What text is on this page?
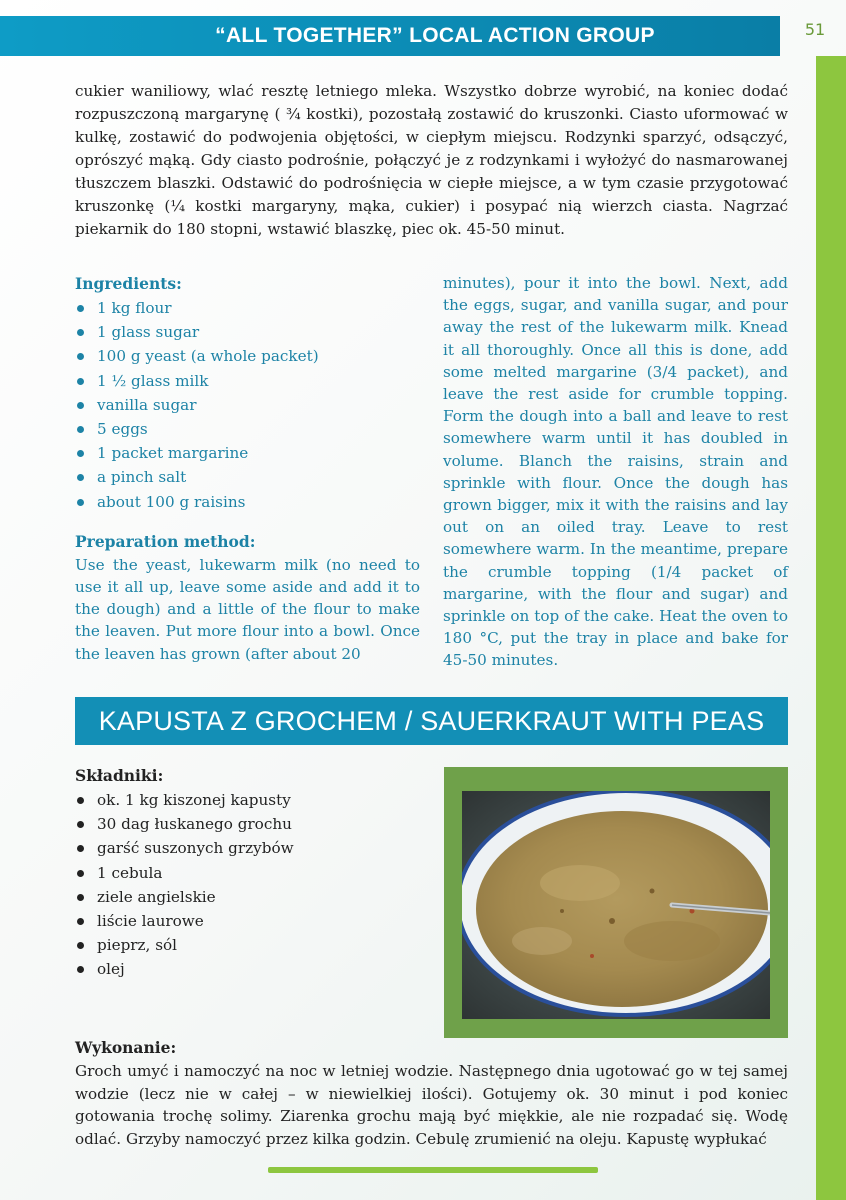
“ALL TOGETHER” LOCAL ACTION GROUP	51

cukier waniliowy, wlać resztę letniego mleka. Wszystko dobrze wyrobić, na koniec dodać rozpuszczoną margarynę ( ¾ kostki), pozostałą zostawić do kruszonki. Ciasto uformować w kulkę, zostawić do podwojenia objętości, w ciepłym miejscu. Rodzynki sparzyć, odsączyć, oprószyć mąką. Gdy ciasto podrośnie, połączyć je z rodzynkami i wyłożyć do nasmarowanej tłuszczem blaszki. Odstawić do podrośnięcia w ciepłe miejsce, a w tym czasie przygotować kruszonkę (¼ kostki margaryny, mąka, cukier) i posypać nią wierzch ciasta. Nagrzać piekarnik do 180 stopni, wstawić blaszkę, piec ok. 45-50 minut.

Ingredients:
1 kg flour
1 glass sugar
100 g yeast (a whole packet)
1 ½ glass milk
vanilla sugar
5 eggs
1 packet margarine
a pinch salt
about 100 g raisins
Preparation method:

Use the yeast, lukewarm milk (no need to use it all up, leave some aside and add it to the dough) and a little of the flour to make the leaven. Put more flour into a bowl. Once the leaven has grown (after about 20

minutes), pour it into the bowl. Next, add the eggs, sugar, and vanilla sugar, and pour away the rest of the lukewarm milk. Knead it all thoroughly. Once all this is done, add some melted margarine (3/4 packet), and leave the rest aside for crumble topping. Form the dough into a ball and leave to rest somewhere warm until it has doubled in volume. Blanch the raisins, strain and sprinkle with flour. Once the dough has grown bigger, mix it with the raisins and lay out on an oiled tray. Leave to rest somewhere warm. In the meantime, prepare the crumble topping (1/4 packet of margarine, with the flour and sugar) and sprinkle on top of the cake. Heat the oven to 180 °C, put the tray in place and bake for 45-50 minutes.

KAPUSTA Z GROCHEM / SAUERKRAUT WITH PEAS
Składniki:
ok. 1 kg kiszonej kapusty
30 dag łuskanego grochu
garść suszonych grzybów
1 cebula
ziele angielskie
liście laurowe
pieprz, sól
olej
Wykonanie:

Groch umyć i namoczyć na noc w letniej wodzie. Następnego dnia ugotować go w tej samej wodzie (lecz nie w całej – w niewielkiej ilości). Gotujemy ok. 30 minut i pod koniec gotowania trochę solimy. Ziarenka grochu mają być miękkie, ale nie rozpadać się. Wodę odlać. Grzyby namoczyć przez kilka godzin. Cebulę zrumienić na oleju. Kapustę wypłukać
